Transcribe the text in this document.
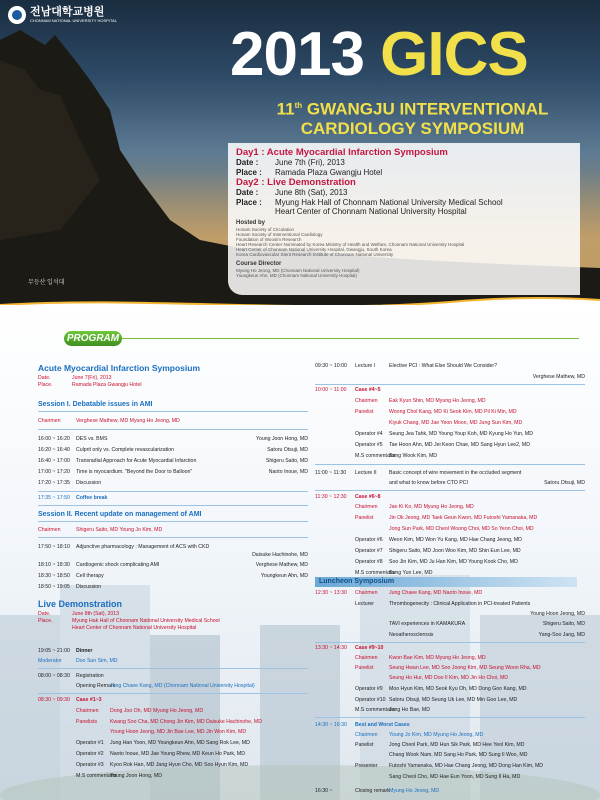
전남대학교병원
CHONNAM NATIONAL UNIVERSITY HOSPITAL 2013 GICS
11th GWANGJU INTERVENTIONAL
CARDIOLOGY SYMPOSIUM
Day1 : Acute Myocardial Infarction Symposium
Date :	June 7th (Fri), 2013
Place :	Ramada Plaza Gwangju Hotel
Day2 : Live Demonstration
Date :	June 8th (Sat), 2013
Place :	Myung Hak Hall of Chonnam National University Medical School
Heart Center of Chonnam National University Hospital
Hosted by
Honam Society of Circulation
Honam Society of Interventional Cardiology
Foundation of Woosim Research
Heart Research Center Nominated by Korea Ministry of Health and Welfare, Chonnam National University Hospital
Heart Center of Chonnam National University Hospital, Gwangju, South Korea
Korea Cardiovascular Stent Research Institute of Chonnam National University
Course Director
Myung Ho Jeong, MD (Chonnam National University Hospital)
Youngkeun Ahn, MD (Chonnam National University Hospital)
무등산 입석대
PROGRAM
Acute Myocardial Infarction Symposium
Date.	June 7(Fri), 2013
Place.	Ramada Plaza Gwangju Hotel
Session I. Debatable issues in AMI
Chairmen	Verghese Mathew, MD Myung Ho Jeong, MD
16:00 ~ 16:20	DES vs. BMS	Young Joon Hong, MD
16:20 ~ 16:40	Culprit only vs. Complete revascularization	Satoru Otsuji, MD
16:40 ~ 17:00	Transradial Approach for Acute Myocardial Infarction	Shigeru Saito, MD
17:00 ~ 17:20	Time is myocardium. "Beyond the Door to Balloon"	Naoto Inoue, MD
17:20 ~ 17:35	Discussion
17:35 ~ 17:50	Coffee break
Session II. Recent update on management of AMI
Chairmen	Shigeru Saito, MD Young Jo Kim, MD
17:50 ~ 18:10	Adjunctive pharmacology : Management of ACS with CKD
Daisuke Hachinohe, MD
18:10 ~ 18:30	Cardiogenic shock complicating AMI	Verghese Mathew, MD
18:30 ~ 18:50	Cell therapy	Youngkeun Ahn, MD
18:50 ~ 19:05	Discussion
Live Demonstration
Date.	June 8th (Sat), 2013
Place.	Myung Hak Hall of Chonnam National University Medical School
Heart Center of Chonnam National University Hospital
19:05 ~ 21:00	Dinner
Moderator	Doo Sun Sim, MD
08:00 ~ 08:30	Registration
Opening Remark
Jung Chaee Kang, MD (Chonnam National University Hospital)
08:30 ~ 09:30	Case #1~3
Chairmen	Dong Joo Oh, MD Myung Ho Jeong, MD
Panelists	Kwang Soo Cha, MD Chong Jin Kim, MD Daisuke Hachinohe, MD
Young Hoon Jeong, MD Jin Bae Lee, MD Jin Won Kim, MD
Operator #1	Jung Han Yoon, MD Youngkeun Ahn, MD Sang Rok Lee, MD
Operator #2	Naoto Inoue, MD Jae Young Rhew, MD Keun Ho Park, MD
Operator #3	Kyoo Rok Han, MD Jang Hyun Cho, MD Soo Hyun Kim, MD
M.S commentator
Young Joon Hong, MD
09:30 ~ 10:00	Lecture I	Elective PCI : What Else Should We Consider?
Verghese Mathew, MD
10:00 ~ 11:00	Case #4~5
Chairmen	Eak Kyun Shin, MD Myung Ho Jeong, MD
Panelist	Woong Chol Kang, MD Ki Seok Kim, MD Pil Ki Min, MD
Kiyuk Chang, MD Jae Yeon Moon, MD Jung Sun Kim, MD
Operator #4	Seung Jea Tahk, MD Young Youp Koh, MD Kyung Ho Yun, MD
Operator #5	Tae Hoon Ahn, MD Jei Keon Chae, MD Sang Hyun Lee2, MD
M.S commentator
Sang Wook Kim, MD
11:00 ~ 11:30	Lecture II	Basic concept of wire movement in the occluded segment
and what to know before CTO PCI	Satoru Otsuji, MD
11:30 ~ 12:30	Case #6~8
Chairmen	Jae Ki Ko, MD Myung Ho Jeong, MD
Panelist	Jin Ok Jeong, MD Taek Geun Kwon, MD Futoshi Yamanaka, MD
Jong Sun Park, MD Cheol Woong Choi, MD So Yeon Choi, MD
Operator #6	Weon Kim, MD Won Yu Kang, MD Hae Chang Jeong, MD
Operator #7	Shigeru Saito, MD Joon Woo Kim, MD Shin Eun Lee, MD
Operator #8	Soo Jin Kim, MD Ju Han Kim, MD Young Kook Cho, MD
M.S commentator
Sung Yun Lee, MD
Luncheon Symposium
12:30 ~ 13:30	Chairmen	Jung Chaee Kang, MD Naoto Inoue, MD
Lecturer	Thrombogenecity : Clinical Application in PCI-treated Patients
Young Hoon Jeong, MD
TAVI experiences in KAMAKURA	Shigeru Saito, MD
Neoatherosclerosis	Yang-Soo Jang, MD
13:30 ~ 14:30	Case #9~10
Chairmen	Kwon Bae Kim, MD Myung Ho Jeong, MD
Panelist	Seung Hwan Lee, MD Soo Joong Kim, MD Seung Woon Rha, MD
Seung Ho Hur, MD Doo Il Kim, MD Jin Ho Choi, MD
Operator #9	Moo Hyun Kim, MD Seok Kyu Oh, MD Dong Goo Kang, MD
Operator #10 Satoru Otsuji, MD Seung Uk Lee, MD Min Goo Lee, MD
M.S commentator
Jang Ho Bae, MD
14:30 ~ 16:30	Best and Worst Cases
Chairmen	Young Jo Kim, MD Myung Ho Jeong, MD
Panelist	Jong Cheol Park, MD Hun Sik Park, MD Hee Yeol Kim, MD
Chang Wook Nam, MD Sang Ho Park, MD Sung Il Woo, MD
Presenter	Futoshi Yamanaka, MD Hae Chang Jeong, MD Dong Han Kim, MD
Sang Cheol Cho, MD Hae Eun Yoon, MD Sung Il Ha, MD
16:30 ~	Closing remark Myung Ho Jeong, MD
